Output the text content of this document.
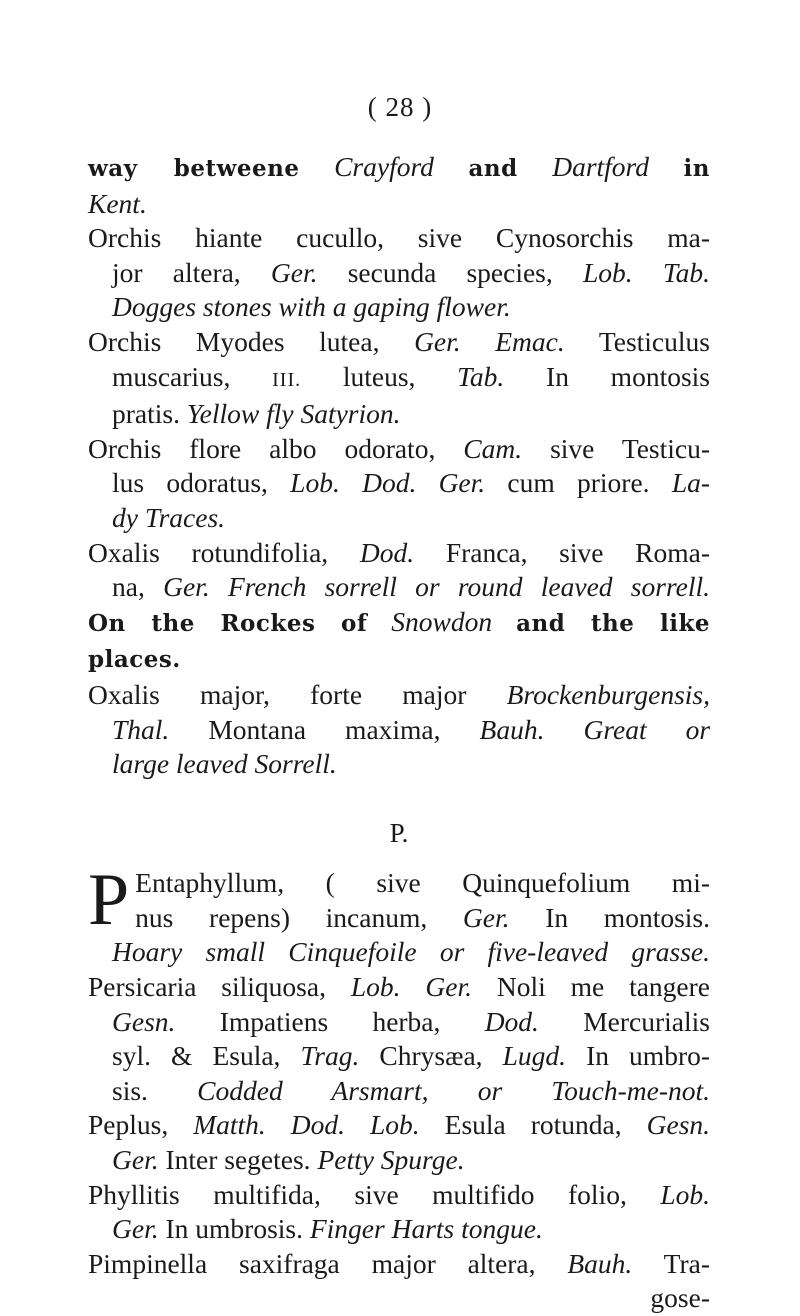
( 28 )
way betweene Crayford and Dartford in
Kent.
Orchis hiante cucullo, sive Cynosorchis ma-
jor altera, Ger. secunda species, Lob. Tab.
Dogges stones with a gaping flower.
Orchis Myodes lutea, Ger. Emac. Testiculus
muscarius, III. luteus, Tab. In montosis
pratis. Yellow fly Satyrion.
Orchis flore albo odorato, Cam. sive Testicu-
lus odoratus, Lob. Dod. Ger. cum priore. La-
dy Traces.
Oxalis rotundifolia, Dod. Franca, sive Roma-
na, Ger. French sorrell or round leaved sorrell.
On the Rockes of Snowdon and the like
places.
Oxalis major, forte major Brockenburgensis,
Thal. Montana maxima, Bauh. Great or
large leaved Sorrell.
P.
P Entaphyllum, ( sive Quinquefolium mi-
nus repens) incanum, Ger. In montosis.
Hoary small Cinquefoile or five-leaved grasse.
Persicaria siliquosa, Lob. Ger. Noli me tangere
Gesn. Impatiens herba, Dod. Mercurialis
syl. & Esula, Trag. Chrysæa, Lugd. In umbro-
sis. Codded Arsmart, or Touch-me-not.
Peplus, Matth. Dod. Lob. Esula rotunda, Gesn.
Ger. Inter segetes. Petty Spurge.
Phyllitis multifida, sive multifido folio, Lob.
Ger. In umbrosis. Finger Harts tongue.
Pimpinella saxifraga major altera, Bauh. Tra-
gose-
